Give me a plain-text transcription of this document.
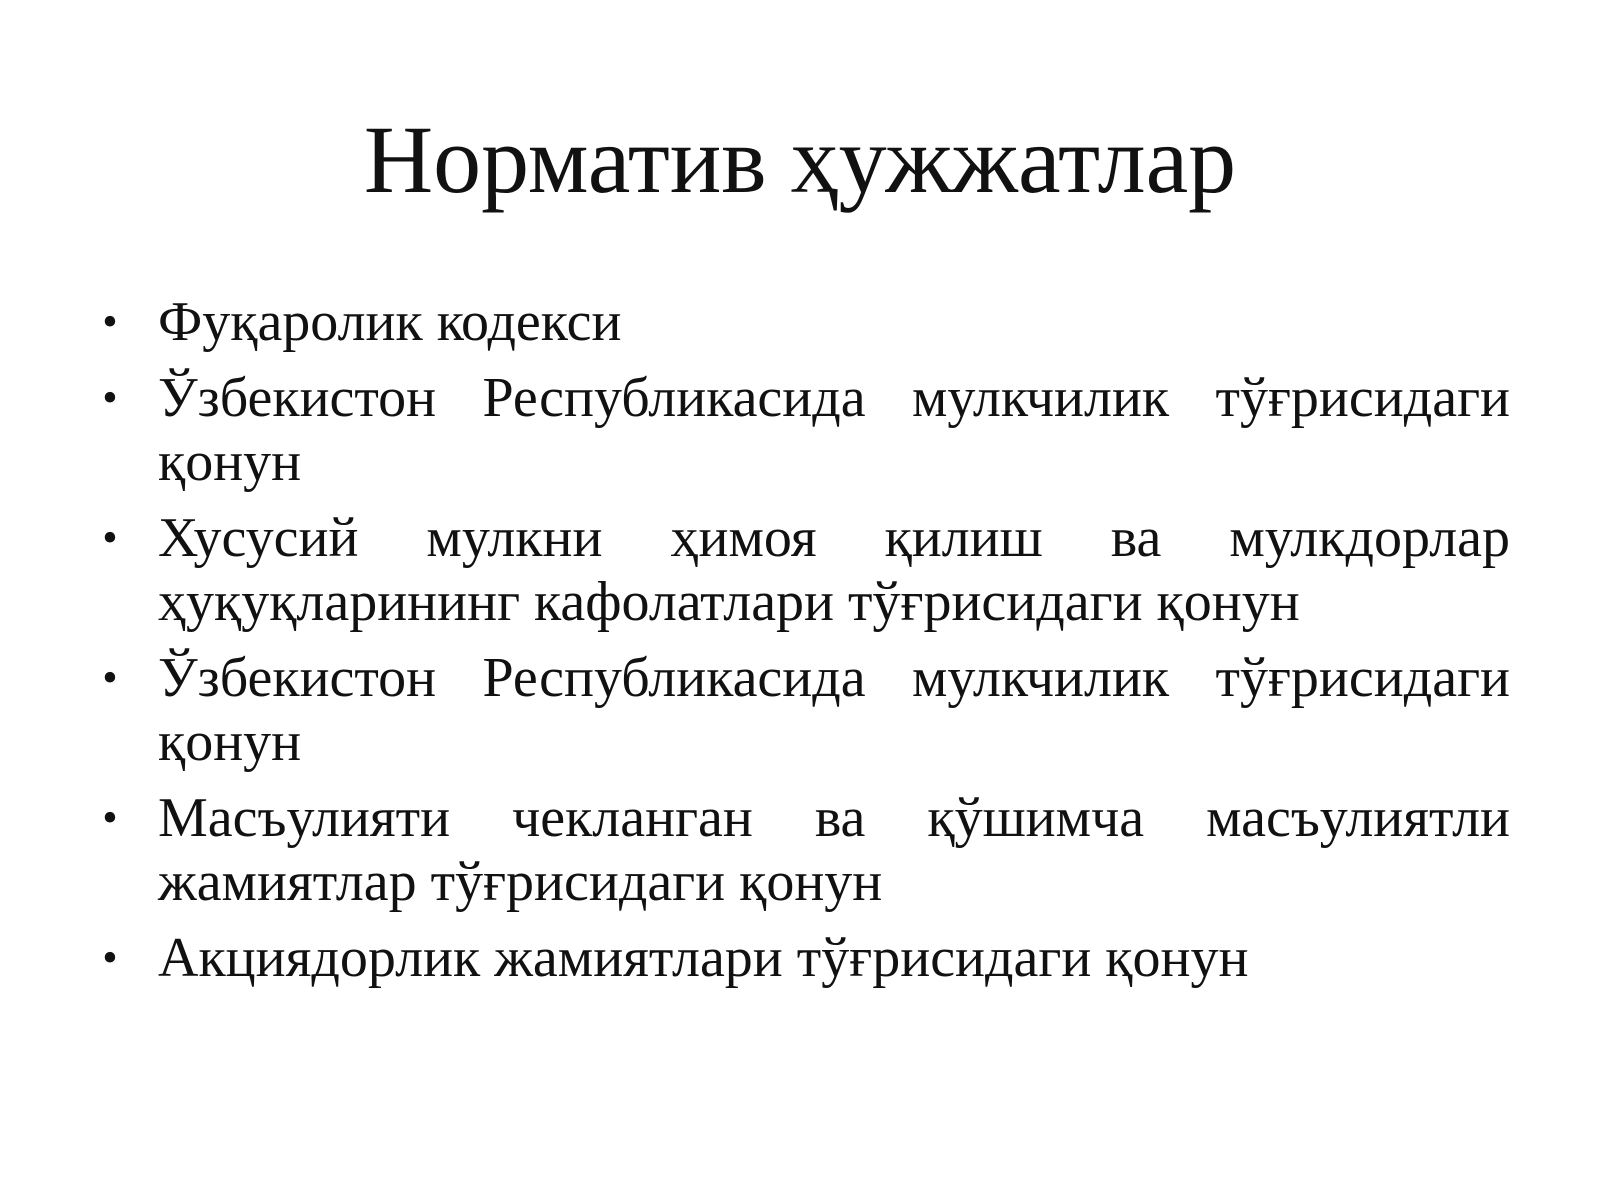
Норматив ҳужжатлар
• Фуқаролик кодекси
• Ўзбекистон Республикасида мулкчилик тўғрисидаги қонун
• Хусусий мулкни ҳимоя қилиш ва мулкдорлар ҳуқуқларининг кафолатлари тўғрисидаги қонун
• Ўзбекистон Республикасида мулкчилик тўғрисидаги қонун
• Масъулияти чекланган ва қўшимча масъулиятли жамиятлар тўғрисидаги қонун
• Акциядорлик жамиятлари тўғрисидаги қонун
